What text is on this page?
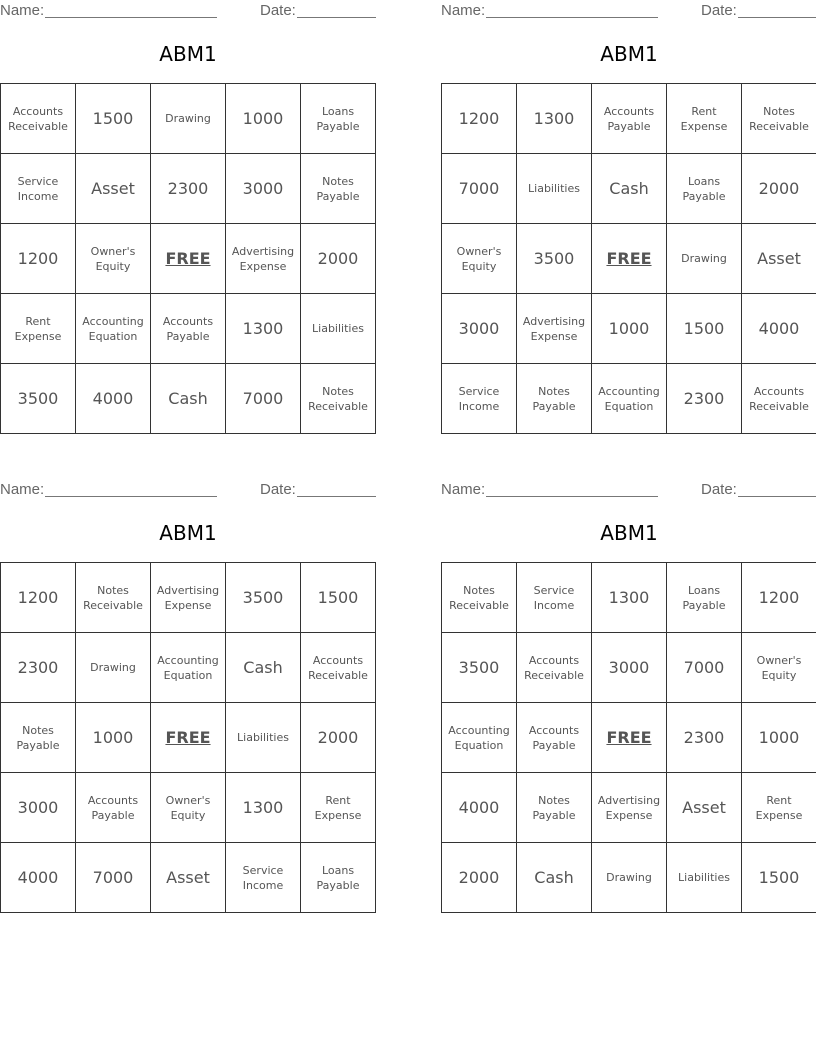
Name:	Date:
ABM1
Accounts Receivable	1500	Drawing	1000	Loans Payable
Service Income	Asset	2300	3000	Notes Payable
1200	Owner's Equity	FREE	Advertising Expense	2000
Rent Expense	Accounting Equation	Accounts Payable	1300	Liabilities
3500	4000	Cash	7000	Notes Receivable
Name:	Date:
ABM1
1200	1300	Accounts Payable	Rent Expense	Notes Receivable
7000	Liabilities	Cash	Loans Payable	2000
Owner's Equity	3500	FREE	Drawing	Asset
3000	Advertising Expense	1000	1500	4000
Service Income	Notes Payable	Accounting Equation	2300	Accounts Receivable
Name:	Date:
ABM1
1200	Notes Receivable	Advertising Expense	3500	1500
2300	Drawing	Accounting Equation	Cash	Accounts Receivable
Notes Payable	1000	FREE	Liabilities	2000
3000	Accounts Payable	Owner's Equity	1300	Rent Expense
4000	7000	Asset	Service Income	Loans Payable
Name:	Date:
ABM1
Notes Receivable	Service Income	1300	Loans Payable	1200
3500	Accounts Receivable	3000	7000	Owner's Equity
Accounting Equation	Accounts Payable	FREE	2300	1000
4000	Notes Payable	Advertising Expense	Asset	Rent Expense
2000	Cash	Drawing	Liabilities	1500
